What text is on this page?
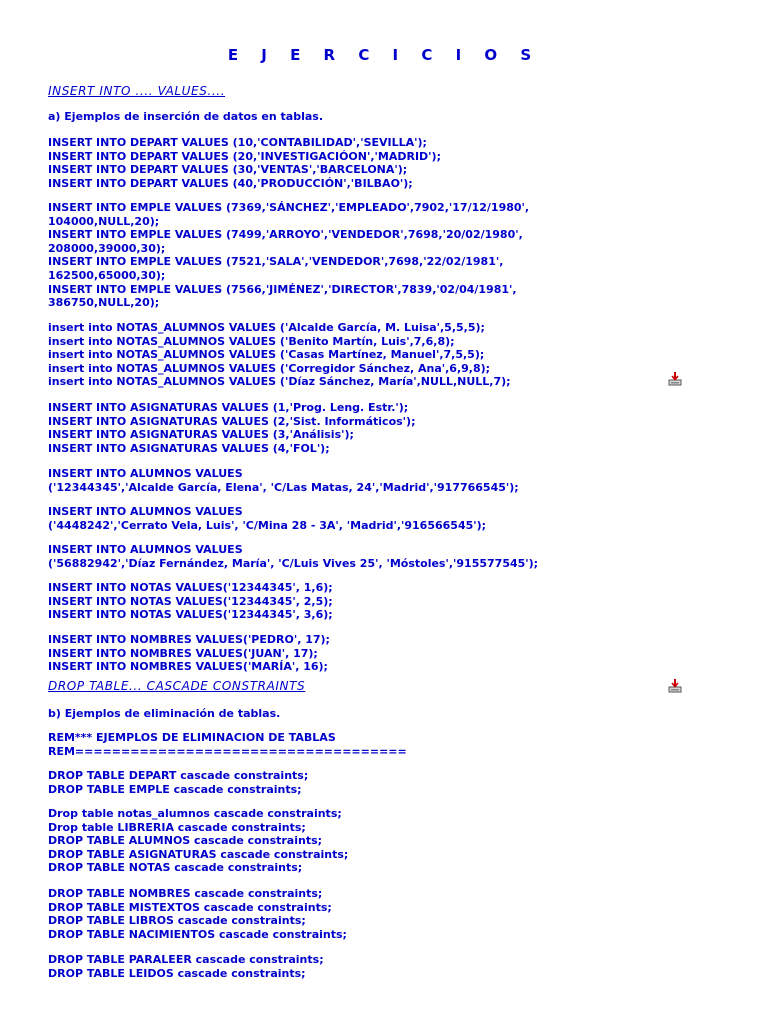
E J E R C I C I O S
INSERT INTO .... VALUES....
a) Ejemplos de inserción de datos en tablas.
INSERT INTO DEPART VALUES (10,'CONTABILIDAD','SEVILLA');
INSERT INTO DEPART VALUES (20,'INVESTIGACIÓON','MADRID');
INSERT INTO DEPART VALUES (30,'VENTAS','BARCELONA');
INSERT INTO DEPART VALUES (40,'PRODUCCIÓN','BILBAO');
INSERT INTO EMPLE VALUES (7369,'SÁNCHEZ','EMPLEADO',7902,'17/12/1980',
104000,NULL,20);
INSERT INTO EMPLE VALUES (7499,'ARROYO','VENDEDOR',7698,'20/02/1980',
208000,39000,30);
INSERT INTO EMPLE VALUES (7521,'SALA','VENDEDOR',7698,'22/02/1981',
162500,65000,30);
INSERT INTO EMPLE VALUES (7566,'JIMÉNEZ','DIRECTOR',7839,'02/04/1981',
386750,NULL,20);
insert into NOTAS_ALUMNOS VALUES ('Alcalde García, M. Luisa',5,5,5);
insert into NOTAS_ALUMNOS VALUES ('Benito Martín, Luis',7,6,8);
insert into NOTAS_ALUMNOS VALUES ('Casas Martínez, Manuel',7,5,5);
insert into NOTAS_ALUMNOS VALUES ('Corregidor Sánchez, Ana',6,9,8);
insert into NOTAS_ALUMNOS VALUES ('Díaz Sánchez, María',NULL,NULL,7);
INSERT INTO ASIGNATURAS VALUES (1,'Prog. Leng. Estr.');
INSERT INTO ASIGNATURAS VALUES (2,'Sist. Informáticos');
INSERT INTO ASIGNATURAS VALUES (3,'Análisis');
INSERT INTO ASIGNATURAS VALUES (4,'FOL');
INSERT INTO ALUMNOS VALUES
('12344345','Alcalde García, Elena', 'C/Las Matas, 24','Madrid','917766545');
INSERT INTO ALUMNOS VALUES
('4448242','Cerrato Vela, Luis', 'C/Mina 28 - 3A', 'Madrid','916566545');
INSERT INTO ALUMNOS VALUES
('56882942','Díaz Fernández, María', 'C/Luis Vives 25', 'Móstoles','915577545');
INSERT INTO NOTAS VALUES('12344345', 1,6);
INSERT INTO NOTAS VALUES('12344345', 2,5);
INSERT INTO NOTAS VALUES('12344345', 3,6);
INSERT INTO NOMBRES VALUES('PEDRO', 17);
INSERT INTO NOMBRES VALUES('JUAN', 17);
INSERT INTO NOMBRES VALUES('MARÍA', 16);
DROP TABLE... CASCADE CONSTRAINTS
b) Ejemplos de eliminación de tablas.
REM*** EJEMPLOS DE ELIMINACION DE TABLAS
REM====================================
DROP TABLE DEPART cascade constraints;
DROP TABLE EMPLE cascade constraints;
Drop table notas_alumnos cascade constraints;
Drop table LIBRERIA cascade constraints;
DROP TABLE ALUMNOS cascade constraints;
DROP TABLE ASIGNATURAS cascade constraints;
DROP TABLE NOTAS cascade constraints;
DROP TABLE NOMBRES cascade constraints;
DROP TABLE MISTEXTOS cascade constraints;
DROP TABLE LIBROS cascade constraints;
DROP TABLE NACIMIENTOS cascade constraints;
DROP TABLE PARALEER cascade constraints;
DROP TABLE LEIDOS cascade constraints;
